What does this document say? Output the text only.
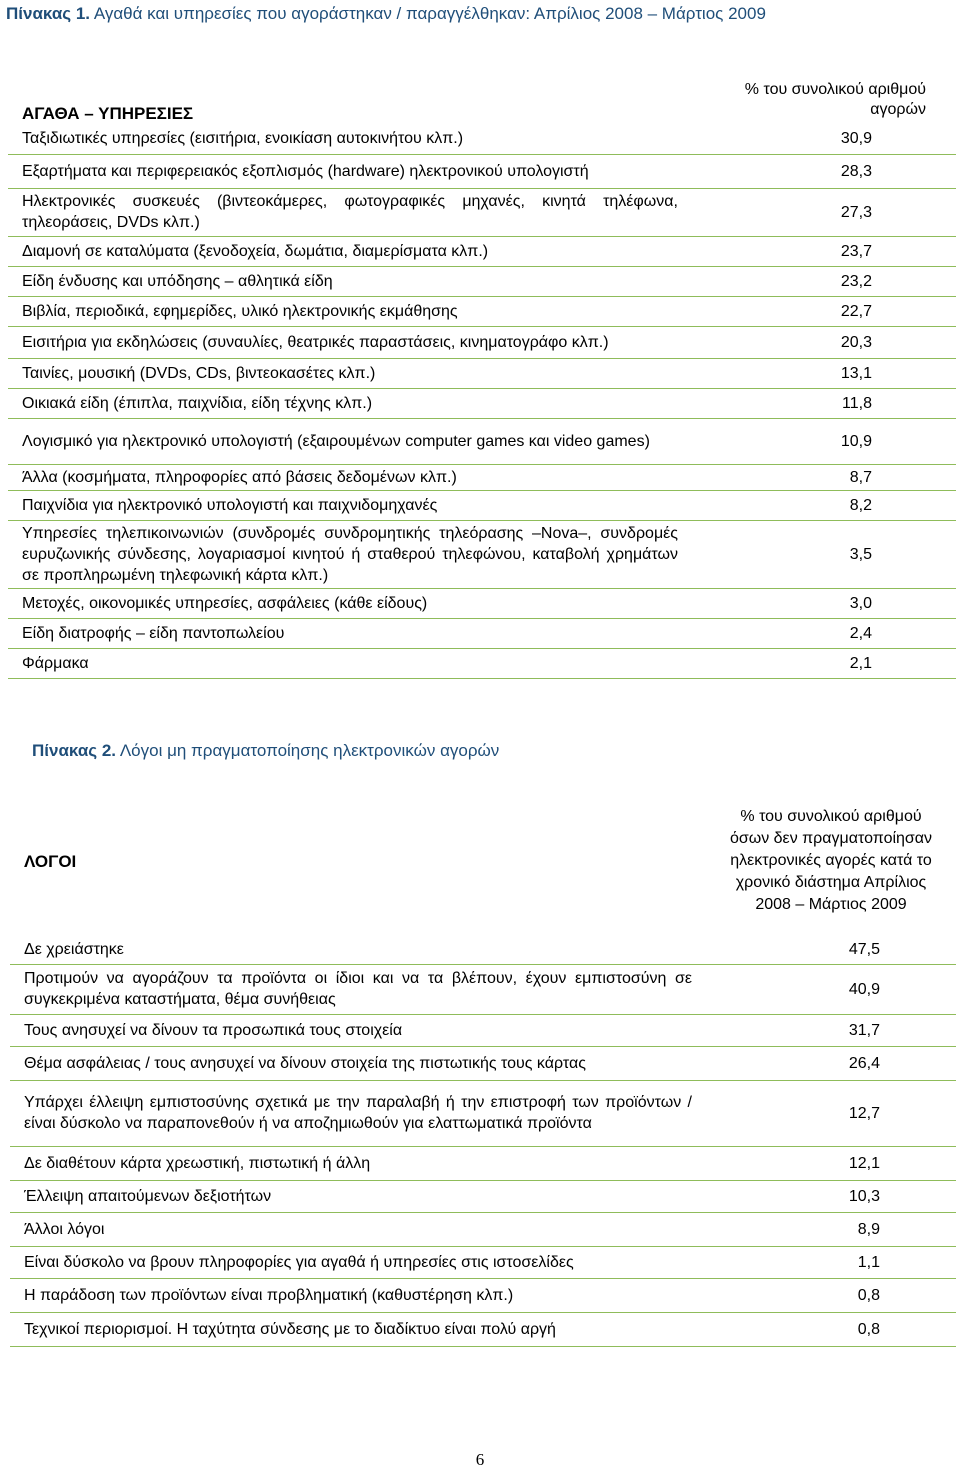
Πίνακας 1. Αγαθά και υπηρεσίες που αγοράστηκαν / παραγγέλθηκαν: Απρίλιος 2008 – Μάρτιος 2009
ΑΓΑΘΑ – ΥΠΗΡΕΣΙΕΣ	% του συνολικού αριθμού αγορών
Ταξιδιωτικές υπηρεσίες (εισιτήρια, ενοικίαση αυτοκινήτου κλπ.)	30,9
Εξαρτήματα και περιφερειακός εξοπλισμός (hardware) ηλεκτρονικού υπολογιστή	28,3
Ηλεκτρονικές συσκευές (βιντεοκάμερες, φωτογραφικές μηχανές, κινητά τηλέφωνα, τηλεοράσεις, DVDs κλπ.)	27,3
Διαμονή σε καταλύματα (ξενοδοχεία, δωμάτια, διαμερίσματα κλπ.)	23,7
Είδη ένδυσης και υπόδησης – αθλητικά είδη	23,2
Βιβλία, περιοδικά, εφημερίδες, υλικό ηλεκτρονικής εκμάθησης	22,7
Εισιτήρια για εκδηλώσεις (συναυλίες, θεατρικές παραστάσεις, κινηματογράφο κλπ.)	20,3
Ταινίες, μουσική (DVDs, CDs, βιντεοκασέτες κλπ.)	13,1
Οικιακά είδη (έπιπλα, παιχνίδια, είδη τέχνης κλπ.)	11,8
Λογισμικό για ηλεκτρονικό υπολογιστή (εξαιρουμένων computer games και video games)	10,9
Άλλα (κοσμήματα, πληροφορίες από βάσεις δεδομένων κλπ.)	8,7
Παιχνίδια για ηλεκτρονικό υπολογιστή και παιχνιδομηχανές	8,2
Υπηρεσίες τηλεπικοινωνιών (συνδρομές συνδρομητικής τηλεόρασης –Nova–, συνδρομές ευρυζωνικής σύνδεσης, λογαριασμοί κινητού ή σταθερού τηλεφώνου, καταβολή χρημάτων σε προπληρωμένη τηλεφωνική κάρτα κλπ.)	3,5
Μετοχές, οικονομικές υπηρεσίες, ασφάλειες (κάθε είδους)	3,0
Είδη διατροφής – είδη παντοπωλείου	2,4
Φάρμακα	2,1
Πίνακας 2. Λόγοι μη πραγματοποίησης ηλεκτρονικών αγορών
ΛΟΓΟΙ	% του συνολικού αριθμού όσων δεν πραγματοποίησαν ηλεκτρονικές αγορές κατά το χρονικό διάστημα Απρίλιος 2008 – Μάρτιος 2009
Δε χρειάστηκε	47,5
Προτιμούν να αγοράζουν τα προϊόντα οι ίδιοι και να τα βλέπουν, έχουν εμπιστοσύνη σε συγκεκριμένα καταστήματα, θέμα συνήθειας	40,9
Τους ανησυχεί να δίνουν τα προσωπικά τους στοιχεία	31,7
Θέμα ασφάλειας / τους ανησυχεί να δίνουν στοιχεία της πιστωτικής τους κάρτας	26,4
Υπάρχει έλλειψη εμπιστοσύνης σχετικά με την παραλαβή ή την επιστροφή των προϊόντων / είναι δύσκολο να παραπονεθούν ή να αποζημιωθούν για ελαττωματικά προϊόντα	12,7
Δε διαθέτουν κάρτα χρεωστική, πιστωτική ή άλλη	12,1
Έλλειψη απαιτούμενων δεξιοτήτων	10,3
Άλλοι λόγοι	8,9
Είναι δύσκολο να βρουν πληροφορίες για αγαθά ή υπηρεσίες στις ιστοσελίδες	1,1
Η παράδοση των προϊόντων είναι προβληματική (καθυστέρηση κλπ.)	0,8
Τεχνικοί περιορισμοί. Η ταχύτητα σύνδεσης με το διαδίκτυο είναι πολύ αργή	0,8
6
